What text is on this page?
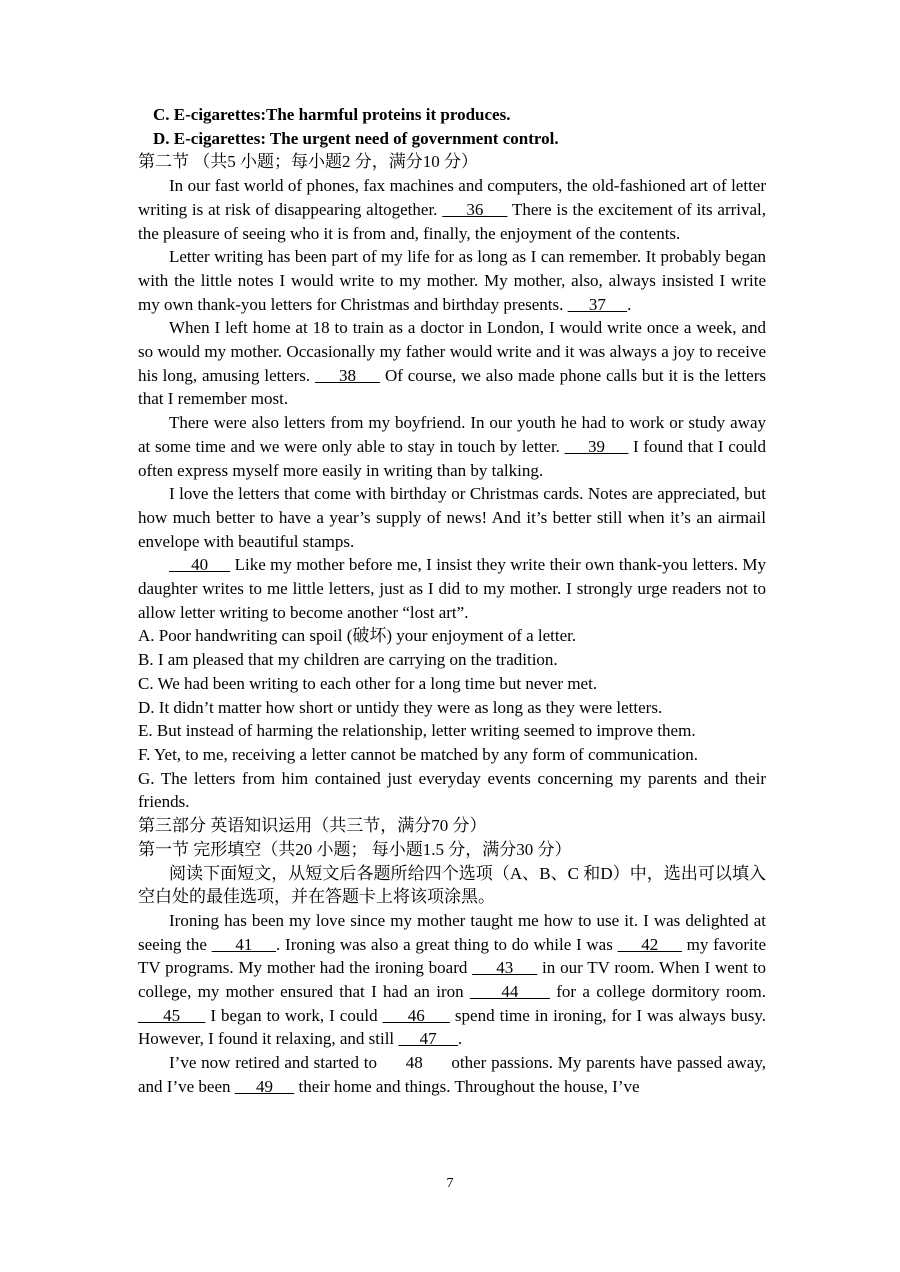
C. E-cigarettes:The harmful proteins it produces.
D. E-cigarettes: The urgent need of government control.
第二节 （共5 小题；每小题2 分，满分10 分）
In our fast world of phones, fax machines and computers, the old-fashioned art of letter writing is at risk of disappearing altogether.      36      There is the excitement of its arrival, the pleasure of seeing who it is from and, finally, the enjoyment of the contents.
Letter writing has been part of my life for as long as I can remember. It probably began with the little notes I would write to my mother. My mother, also, always insisted I write my own thank-you letters for Christmas and birthday presents.      37     .
When I left home at 18 to train as a doctor in London, I would write once a week, and so would my mother. Occasionally my father would write and it was always a joy to receive his long, amusing letters.      38      Of course, we also made phone calls but it is the letters that I remember most.
There were also letters from my boyfriend. In our youth he had to work or study away at some time and we were only able to stay in touch by letter.      39      I found that I could often express myself more easily in writing than by talking.
I love the letters that come with birthday or Christmas cards. Notes are appreciated, but how much better to have a year’s supply of news! And it’s better still when it’s an airmail envelope with beautiful stamps.
40      Like my mother before me, I insist they write their own thank-you letters. My daughter writes to me little letters, just as I did to my mother. I strongly urge readers not to allow letter writing to become another “lost art”.
A. Poor handwriting can spoil (破坏) your enjoyment of a letter.
B. I am pleased that my children are carrying on the tradition.
C. We had been writing to each other for a long time but never met.
D. It didn’t matter how short or untidy they were as long as they were letters.
E. But instead of harming the relationship, letter writing seemed to improve them.
F. Yet, to me, receiving a letter cannot be matched by any form of communication.
G. The letters from him contained just everyday events concerning my parents and their friends.
第三部分 英语知识运用（共三节，满分70 分）
第一节 完形填空（共20 小题； 每小题1.5 分，满分30 分）
阅读下面短文，从短文后各题所给四个选项（A、B、C 和D）中，选出可以填入空白处的最佳选项，并在答题卡上将该项涂黑。
Ironing has been my love since my mother taught me how to use it. I was delighted at seeing the      41     . Ironing was also a great thing to do while I was      42      my favorite TV programs. My mother had the ironing board      43      in our TV room. When I went to college, my mother ensured that I had an iron      44      for a college dormitory room.      45      I began to work, I could      46      spend time in ironing, for I was always busy. However, I found it relaxing, and still      47     .
I’ve now retired and started to      48      other passions. My parents have passed away, and I’ve been      49      their home and things. Throughout the house, I’ve
7
